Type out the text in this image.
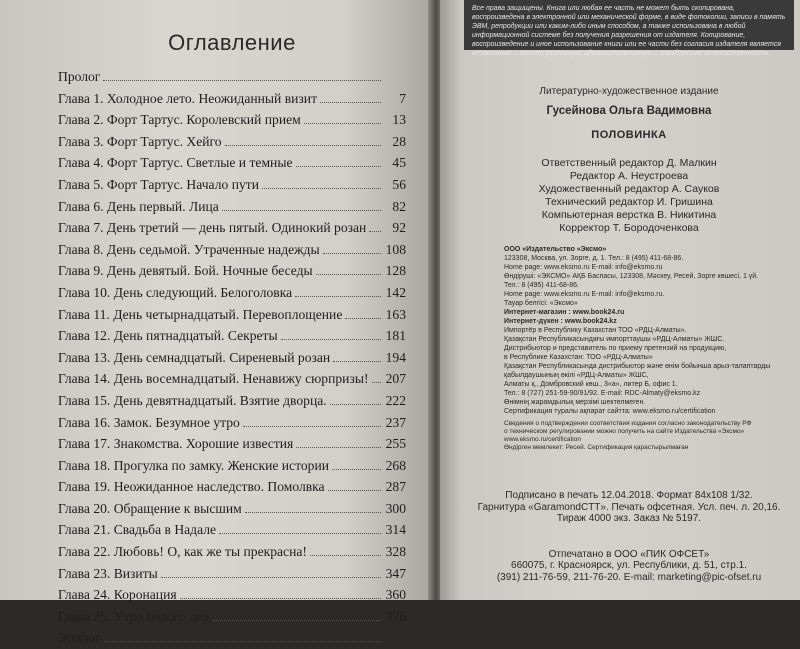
Оглавление
Пролог
Глава 1. Холодное лето. Неожиданный визит	7
Глава 2. Форт Тартус. Королевский прием	13
Глава 3. Форт Тартус. Хейго	28
Глава 4. Форт Тартус. Светлые и темные	45
Глава 5. Форт Тартус. Начало пути	56
Глава 6. День первый. Лица	82
Глава 7. День третий — день пятый. Одинокий розан	92
Глава 8. День седьмой. Утраченные надежды	108
Глава 9. День девятый. Бой. Ночные беседы	128
Глава 10. День следующий. Белоголовка	142
Глава 11. День четырнадцатый. Перевоплощение	163
Глава 12. День пятнадцатый. Секреты	181
Глава 13. День семнадцатый. Сиреневый розан	194
Глава 14. День восемнадцатый. Ненавижу сюрпризы! 207
Глава 15. День девятнадцатый. Взятие дворца.	222
Глава 16. Замок. Безумное утро	237
Глава 17. Знакомства. Хорошие известия	255
Глава 18. Прогулка по замку. Женские истории	268
Глава 19. Неожиданное наследство. Помолвка	287
Глава 20. Обращение к высшим	300
Глава 21. Свадьба в Надале	314
Глава 22. Любовь! О, как же ты прекрасна!	328
Глава 23. Визиты	347
Глава 24. Коронация	360
Глава 25. Утро нового дня	376
Эпилог
Все права защищены. Книга или любая ее часть не может быть скопирована, воспроизведена в электронной или механической форме, в виде фотокопии, записи в память ЭВМ, репродукции или каким-либо иным способом, а также использована в любой информационной системе без получения разрешения от издателя. Копирование, воспроизведение и иное использование книги или ее части без согласия издателя является незаконным и влечет уголовную, административную и гражданскую ответственность.
Литературно-художественное издание
Гусейнова Ольга Вадимовна
ПОЛОВИНКА
Ответственный редактор Д. Малкин
Редактор А. Неустроева
Художественный редактор А. Сауков
Технический редактор И. Гришина
Компьютерная верстка В. Никитина
Корректор Т. Бородоченкова
ООО «Издательство «Эксмо»
123308, Москва, ул. Зорге, д. 1. Тел.: 8 (495) 411-68-86.
Home page: www.eksmo.ru E-mail: info@eksmo.ru
Өндіруші: «ЭКСМО» АҚБ Баспасы, 123308, Мәскеу, Ресей, Зорге көшесі, 1 үй.
Тел.: 8 (495) 411-68-86.
Home page: www.eksmo.ru E-mail: info@eksmo.ru.
Тауар белгісі: «Эксмо»
Интернет-магазин : www.book24.ru
Интернет-дүкен : www.book24.kz
Импортёр в Республику Казахстан ТОО «РДЦ-Алматы».
Қазақстан Республикасындағы импорттаушы «РДЦ-Алматы» ЖШС.
Дистрибьютор и представитель по приему претензий на продукцию,
в Республике Казахстан: ТОО «РДЦ-Алматы»
Қазақстан Республикасында дистрибьютор және өнім бойынша арыз-талаптарды
қабылдаушының өкілі «РДЦ-Алматы» ЖШС,
Алматы қ., Домбровский көш., 3«а», литер Б, офис 1.
Тел.: 8 (727) 251-59-90/91/92. E-mail: RDC-Almaty@eksmo.kz
Өнімнің жарамдылық мерзімі шектелмеген.
Сертификация туралы ақпарат сайтта: www.eksmo.ru/certification
Сведения о подтверждении соответствия издания согласно законодательству РФ
о техническом регулировании можно получить на сайте Издательства «Эксмо»
www.eksmo.ru/certification
Өндірген мемлекет: Ресей. Сертификация қарастырылмаған
Подписано в печать 12.04.2018. Формат 84x108 1/32.
Гарнитура «GaramondCTT». Печать офсетная. Усл. печ. л. 20,16.
Тираж 4000 экз. Заказ № 5197.
Отпечатано в ООО «ПИК ОФСЕТ»
660075, г. Красноярск, ул. Республики, д. 51, стр.1.
(391) 211-76-59, 211-76-20. E-mail: marketing@pic-ofset.ru
